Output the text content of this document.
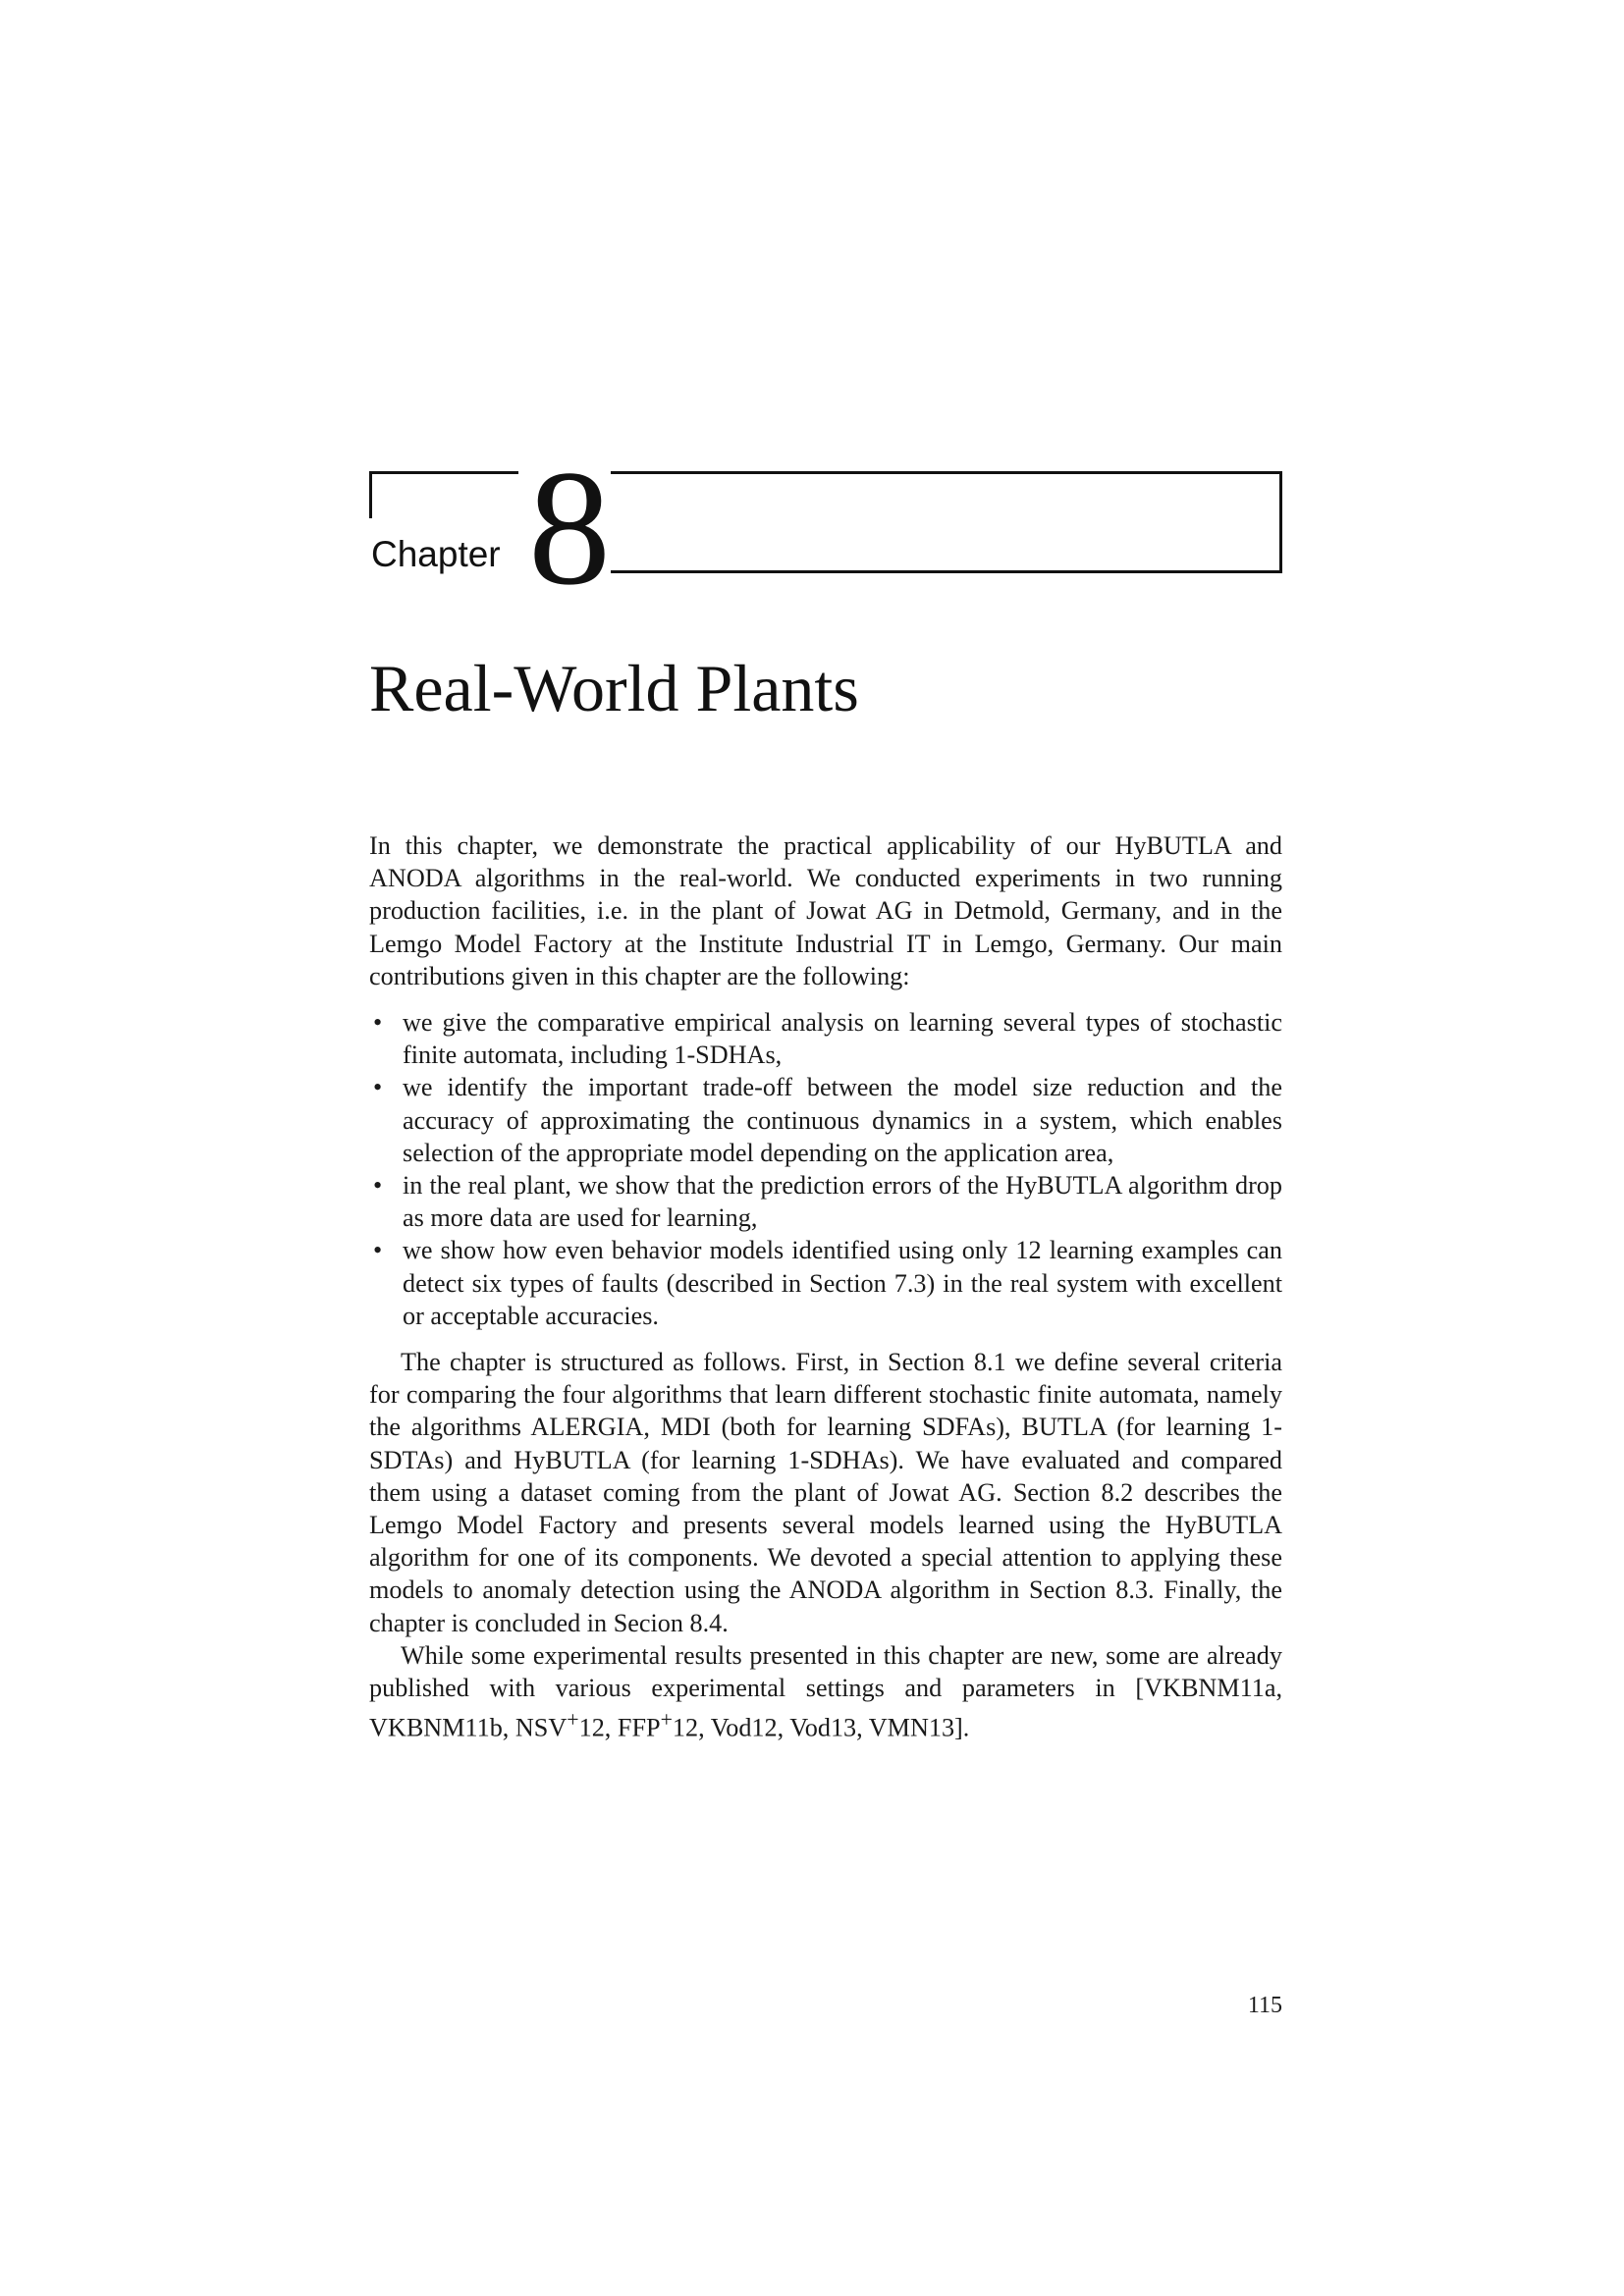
Chapter 8
Real-World Plants

In this chapter, we demonstrate the practical applicability of our HyBUTLA and ANODA algorithms in the real-world. We conducted experiments in two running production facilities, i.e. in the plant of Jowat AG in Detmold, Germany, and in the Lemgo Model Factory at the Institute Industrial IT in Lemgo, Germany. Our main contributions given in this chapter are the following:

• we give the comparative empirical analysis on learning several types of stochastic finite automata, including 1-SDHAs,
• we identify the important trade-off between the model size reduction and the accuracy of approximating the continuous dynamics in a system, which enables selection of the appropriate model depending on the application area,
• in the real plant, we show that the prediction errors of the HyBUTLA algorithm drop as more data are used for learning,
• we show how even behavior models identified using only 12 learning examples can detect six types of faults (described in Section 7.3) in the real system with excellent or acceptable accuracies.

The chapter is structured as follows. First, in Section 8.1 we define several criteria for comparing the four algorithms that learn different stochastic finite automata, namely the algorithms ALERGIA, MDI (both for learning SDFAs), BUTLA (for learning 1-SDTAs) and HyBUTLA (for learning 1-SDHAs). We have evaluated and compared them using a dataset coming from the plant of Jowat AG. Section 8.2 describes the Lemgo Model Factory and presents several models learned using the HyBUTLA algorithm for one of its components. We devoted a special attention to applying these models to anomaly detection using the ANODA algorithm in Section 8.3. Finally, the chapter is concluded in Secion 8.4.

While some experimental results presented in this chapter are new, some are already published with various experimental settings and parameters in [VKBNM11a, VKBNM11b, NSV+12, FFP+12, Vod12, Vod13, VMN13].

115
